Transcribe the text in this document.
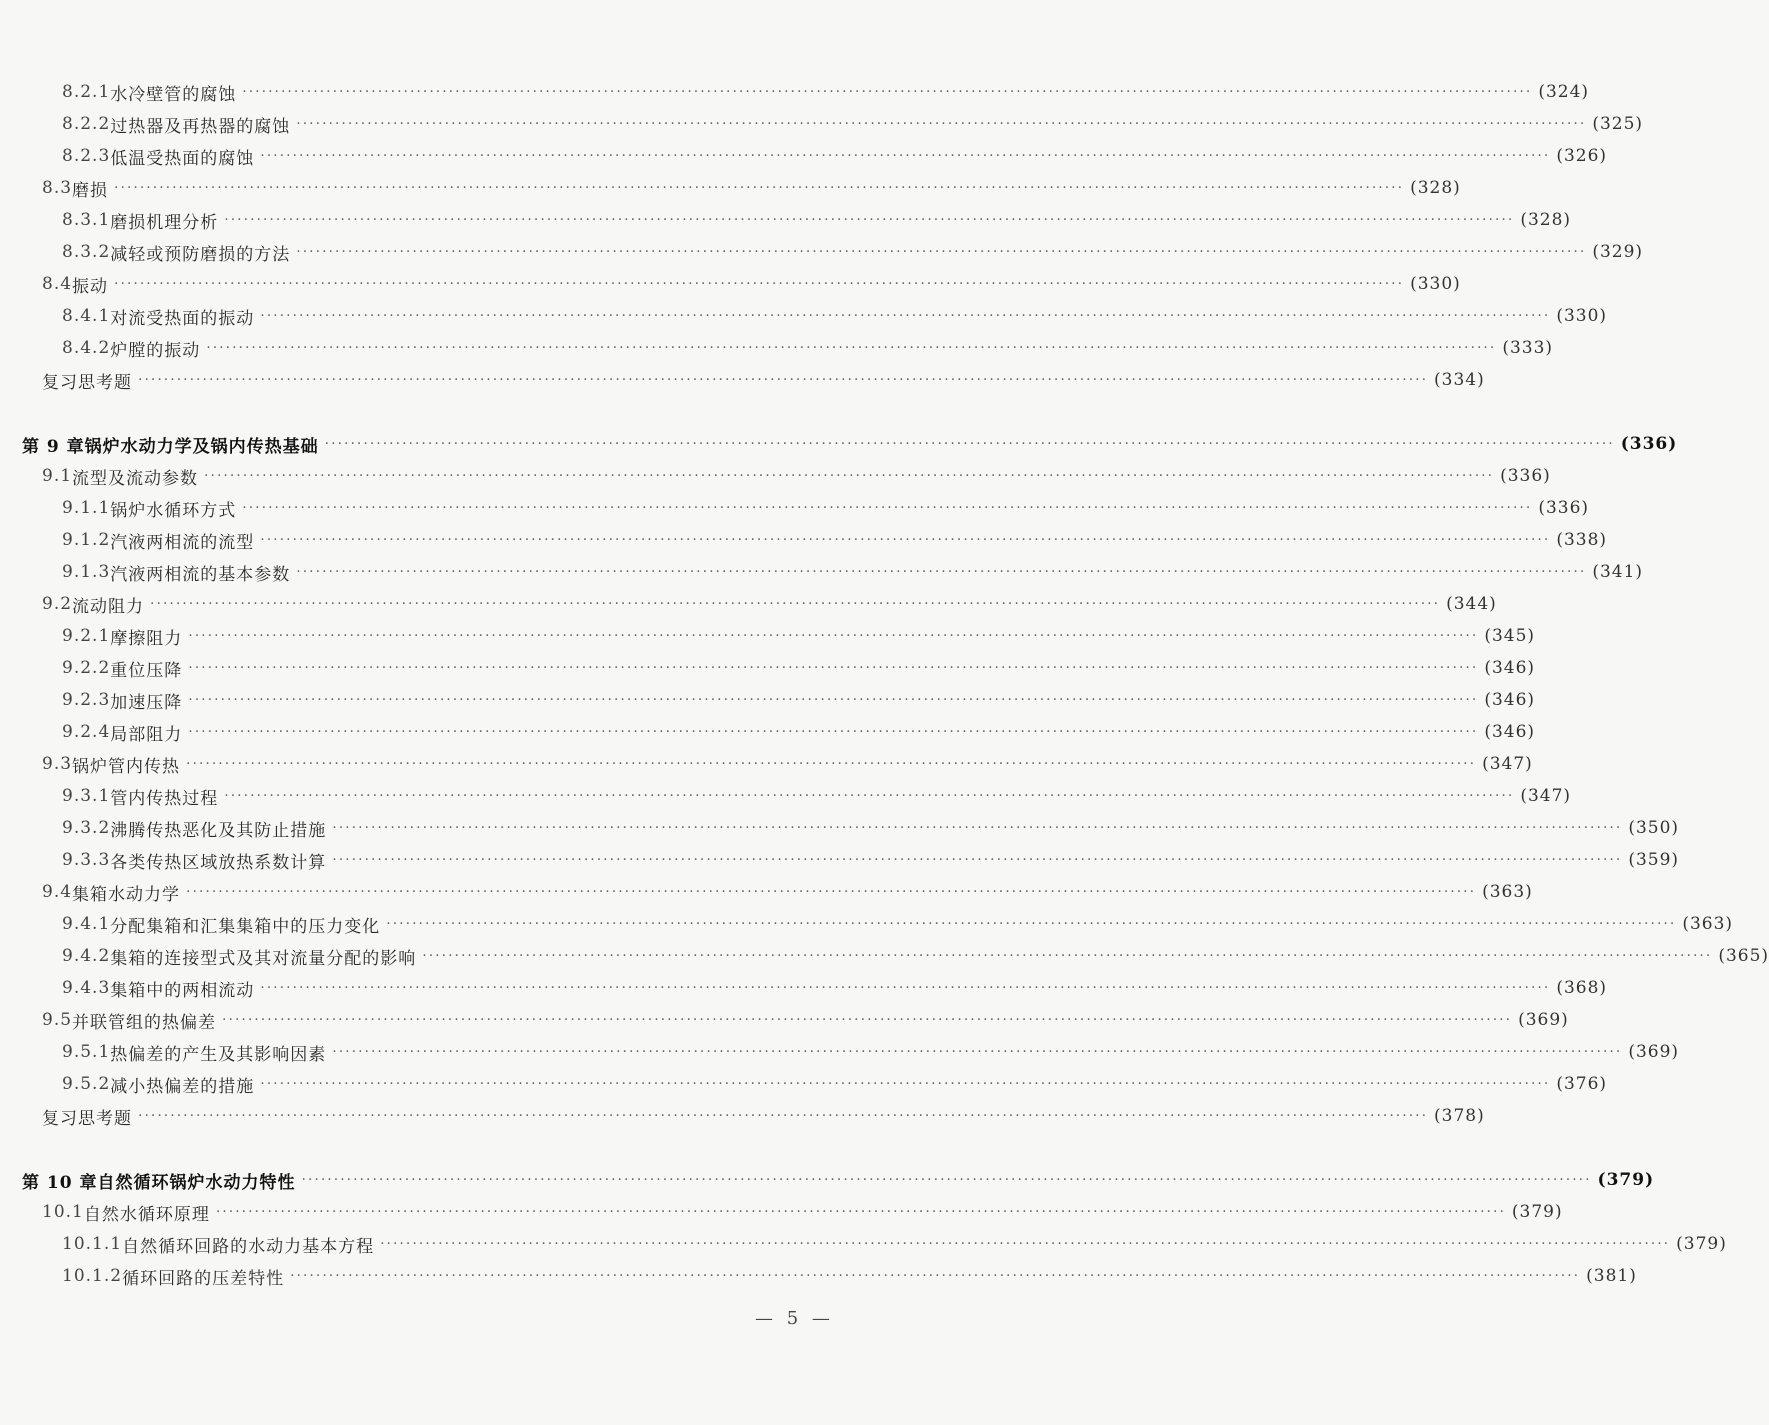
8.2.1 水冷壁管的腐蚀 ········································································································································································································ (324)
8.2.2 过热器及再热器的腐蚀 ········································································································································································································ (325)
8.2.3 低温受热面的腐蚀 ········································································································································································································ (326)
8.3 磨损 ········································································································································································································ (328)
8.3.1 磨损机理分析 ········································································································································································································ (328)
8.3.2 减轻或预防磨损的方法 ········································································································································································································ (329)
8.4 振动 ········································································································································································································ (330)
8.4.1 对流受热面的振动 ········································································································································································································ (330)
8.4.2 炉膛的振动 ········································································································································································································ (333)
复习思考题 ········································································································································································································ (334)
第 9 章 锅炉水动力学及锅内传热基础 ········································································································································································································ (336)
9.1 流型及流动参数 ········································································································································································································ (336)
9.1.1 锅炉水循环方式 ········································································································································································································ (336)
9.1.2 汽液两相流的流型 ········································································································································································································ (338)
9.1.3 汽液两相流的基本参数 ········································································································································································································ (341)
9.2 流动阻力 ········································································································································································································ (344)
9.2.1 摩擦阻力 ········································································································································································································ (345)
9.2.2 重位压降 ········································································································································································································ (346)
9.2.3 加速压降 ········································································································································································································ (346)
9.2.4 局部阻力 ········································································································································································································ (346)
9.3 锅炉管内传热 ········································································································································································································ (347)
9.3.1 管内传热过程 ········································································································································································································ (347)
9.3.2 沸腾传热恶化及其防止措施 ········································································································································································································ (350)
9.3.3 各类传热区域放热系数计算 ········································································································································································································ (359)
9.4 集箱水动力学 ········································································································································································································ (363)
9.4.1 分配集箱和汇集集箱中的压力变化 ········································································································································································································ (363)
9.4.2 集箱的连接型式及其对流量分配的影响 ········································································································································································································ (365)
9.4.3 集箱中的两相流动 ········································································································································································································ (368)
9.5 并联管组的热偏差 ········································································································································································································ (369)
9.5.1 热偏差的产生及其影响因素 ········································································································································································································ (369)
9.5.2 减小热偏差的措施 ········································································································································································································ (376)
复习思考题 ········································································································································································································ (378)
第 10 章 自然循环锅炉水动力特性 ········································································································································································································ (379)
10.1 自然水循环原理 ········································································································································································································ (379)
10.1.1 自然循环回路的水动力基本方程 ········································································································································································································ (379)
10.1.2 循环回路的压差特性 ········································································································································································································ (381)
— 5 —
